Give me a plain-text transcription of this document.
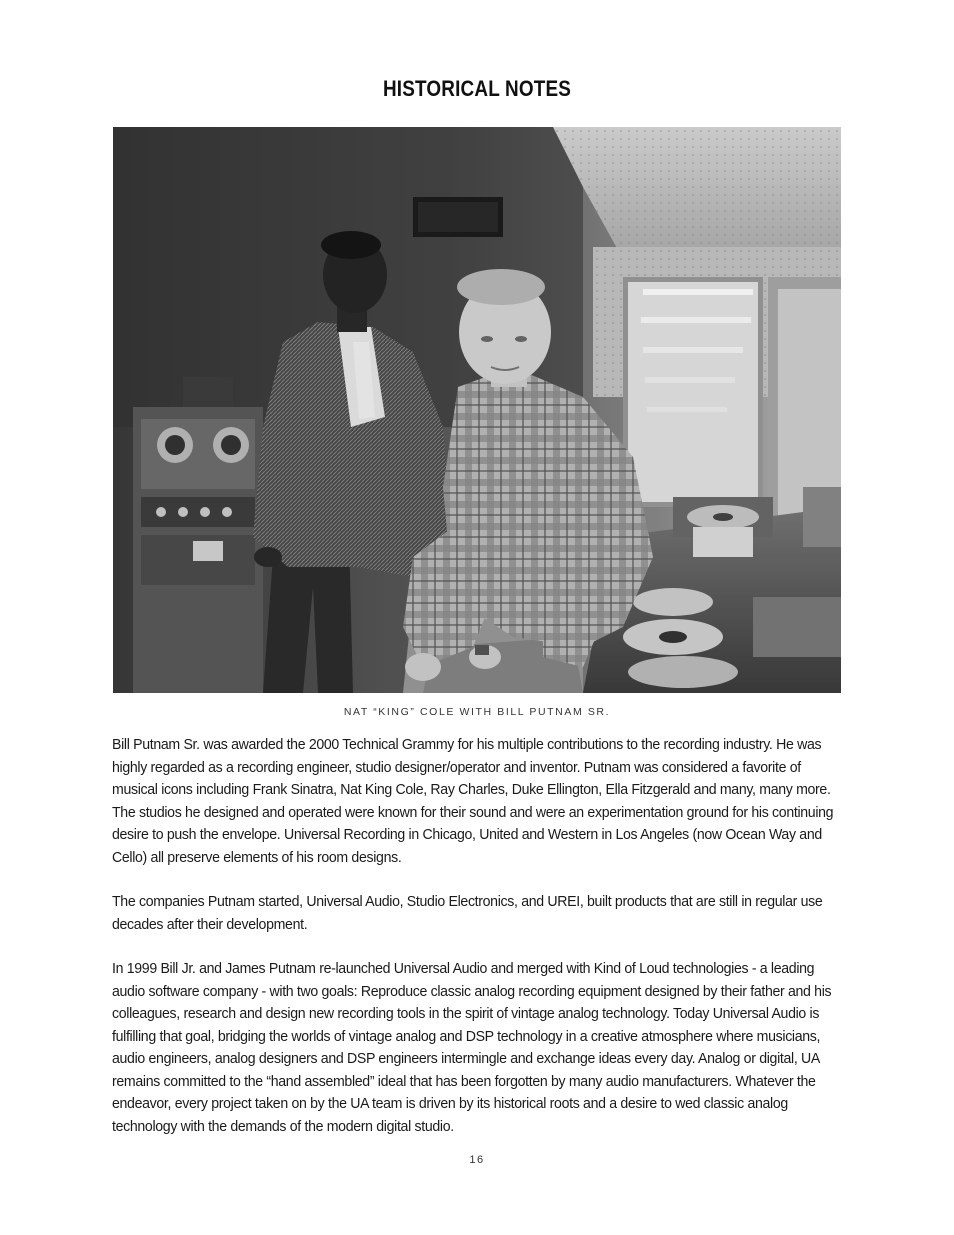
HISTORICAL NOTES
NAT “KING” COLE WITH BILL PUTNAM SR.

Bill Putnam Sr. was awarded the 2000 Technical Grammy for his multiple contributions to the recording industry. He was highly regarded as a recording engineer, studio designer/operator and inventor. Putnam was considered a favorite of musical icons including Frank Sinatra, Nat King Cole, Ray Charles, Duke Ellington, Ella Fitzgerald and many, many more. The studios he designed and operated were known for their sound and were an experimentation ground for his continuing desire to push the envelope. Universal Recording in Chicago, United and Western in Los Angeles (now Ocean Way and Cello) all preserve elements of his room designs.

The companies Putnam started, Universal Audio, Studio Electronics, and UREI, built products that are still in regular use decades after their development.

In 1999 Bill Jr. and James Putnam re-launched Universal Audio and merged with Kind of Loud technologies - a leading audio software company - with two goals: Reproduce classic analog recording equipment designed by their father and his colleagues, research and design new recording tools in the spirit of vintage analog technology. Today Universal Audio is fulfilling that goal, bridging the worlds of vintage analog and DSP technology in a creative atmosphere where musicians, audio engineers, analog designers and DSP engineers intermingle and exchange ideas every day. Analog or digital, UA remains committed to the “hand assembled” ideal that has been forgotten by many audio manufacturers. Whatever the endeavor, every project taken on by the UA team is driven by its historical roots and a desire to wed classic analog technology with the demands of the modern digital studio.

16
